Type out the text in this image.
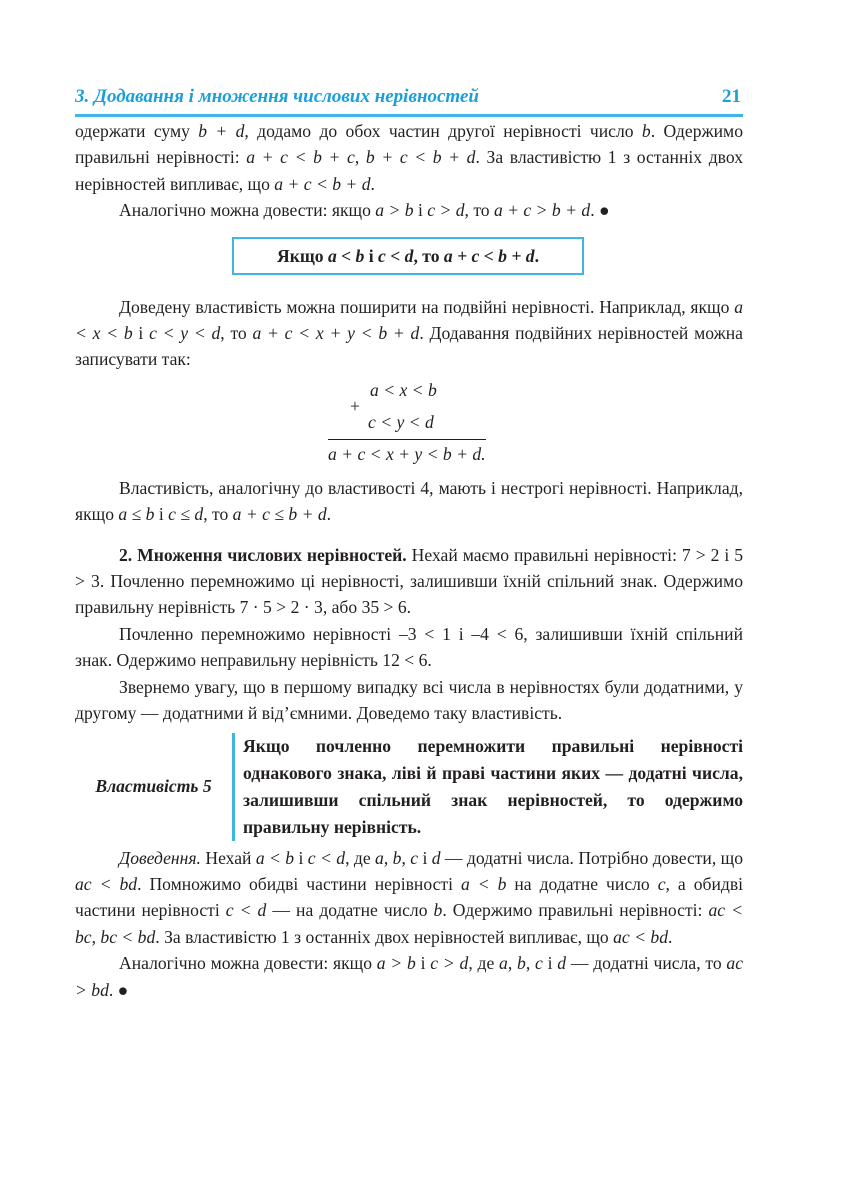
3. Додавання і множення числових нерівностей	21

одержати суму b + d, додамо до обох частин другої нерівності число b. Одержимо правильні нерівності: a + c < b + c, b + c < b + d. За властивістю 1 з останніх двох нерівностей випливає, що a + c < b + d.

Аналогічно можна довести: якщо a > b і c > d, то a + c > b + d. ●

Якщо a < b і c < d, то a + c < b + d.

Доведену властивість можна поширити на подвійні нерівності. Наприклад, якщо a < x < b і c < y < d, то a + c < x + y < b + d. Додавання подвійних нерівностей можна записувати так:

a < x < b
+
c < y < d
a + c < x + y < b + d.

Властивість, аналогічну до властивості 4, мають і нестрогі нерівності. Наприклад, якщо a ≤ b і c ≤ d, то a + c ≤ b + d.

2. Множення числових нерівностей. Нехай маємо правильні нерівності: 7 > 2 і 5 > 3. Почленно перемножимо ці нерівності, залишивши їхній спільний знак. Одержимо правильну нерівність 7 · 5 > 2 · 3, або 35 > 6.

Почленно перемножимо нерівності –3 < 1 і –4 < 6, залишивши їхній спільний знак. Одержимо неправильну нерівність 12 < 6.

Звернемо увагу, що в першому випадку всі числа в нерівностях були додатними, у другому — додатними й від’ємними. Доведемо таку властивість.

Властивість 5
Якщо почленно перемножити правильні нерівності однакового знака, ліві й праві частини яких — додатні числа, залишивши спільний знак нерівностей, то одержимо правильну нерівність.

Доведення. Нехай a < b і c < d, де a, b, c і d — додатні числа. Потрібно довести, що ac < bd. Помножимо обидві частини нерівності a < b на додатне число c, а обидві частини нерівності c < d — на додатне число b. Одержимо правильні нерівності: ac < bc, bc < bd. За властивістю 1 з останніх двох нерівностей випливає, що ac < bd.

Аналогічно можна довести: якщо a > b і c > d, де a, b, c і d — додатні числа, то ac > bd. ●
